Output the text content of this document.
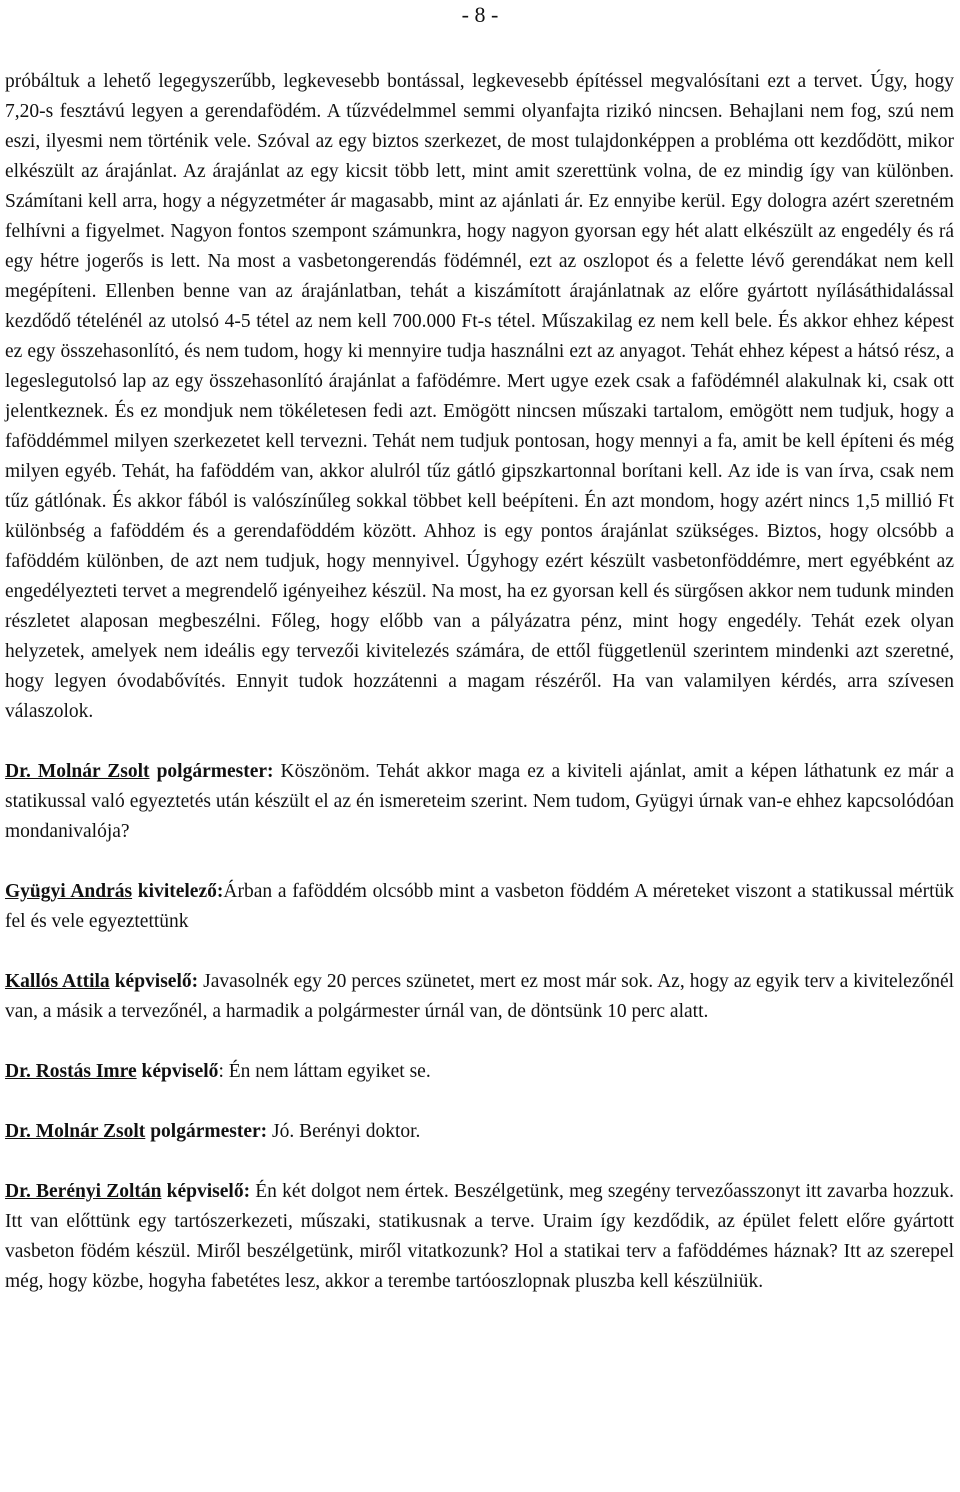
- 8 -

próbáltuk a lehető legegyszerűbb, legkevesebb bontással, legkevesebb építéssel megvalósítani ezt a tervet. Úgy, hogy 7,20-s fesztávú legyen a gerendafödém. A tűzvédelmmel semmi olyanfajta rizikó nincsen. Behajlani nem fog, szú nem eszi, ilyesmi nem történik vele. Szóval az egy biztos szerkezet, de most tulajdonképpen a probléma ott kezdődött, mikor elkészült az árajánlat. Az árajánlat az egy kicsit több lett, mint amit szerettünk volna, de ez mindig így van különben. Számítani kell arra, hogy a négyzetméter ár magasabb, mint az ajánlati ár. Ez ennyibe kerül. Egy dologra azért szeretném felhívni a figyelmet. Nagyon fontos szempont számunkra, hogy nagyon gyorsan egy hét alatt elkészült az engedély és rá egy hétre jogerős is lett. Na most a vasbetongerendás födémnél, ezt az oszlopot és a felette lévő gerendákat nem kell megépíteni. Ellenben benne van az árajánlatban, tehát a kiszámított árajánlatnak az előre gyártott nyílásáthidalással kezdődő tételénél az utolsó 4-5 tétel az nem kell 700.000 Ft-s tétel. Műszakilag ez nem kell bele. És akkor ehhez képest ez egy összehasonlító, és nem tudom, hogy ki mennyire tudja használni ezt az anyagot. Tehát ehhez képest a hátsó rész, a legeslegutolsó lap az egy összehasonlító árajánlat a fafödémre. Mert ugye ezek csak a fafödémnél alakulnak ki, csak ott jelentkeznek. És ez mondjuk nem tökéletesen fedi azt. Emögött nincsen műszaki tartalom, emögött nem tudjuk, hogy a faföddémmel milyen szerkezetet kell tervezni. Tehát nem tudjuk pontosan, hogy mennyi a fa, amit be kell építeni és még milyen egyéb. Tehát, ha faföddém van, akkor alulról tűz gátló gipszkartonnal borítani kell. Az ide is van írva, csak nem tűz gátlónak. És akkor fából is valószínűleg sokkal többet kell beépíteni. Én azt mondom, hogy azért nincs 1,5 millió Ft különbség a faföddém és a gerendaföddém között. Ahhoz is egy pontos árajánlat szükséges. Biztos, hogy olcsóbb a faföddém különben, de azt nem tudjuk, hogy mennyivel. Úgyhogy ezért készült vasbetonföddémre, mert egyébként az engedélyezteti tervet a megrendelő igényeihez készül. Na most, ha ez gyorsan kell és sürgősen akkor nem tudunk minden részletet alaposan megbeszélni. Főleg, hogy előbb van a pályázatra pénz, mint hogy engedély. Tehát ezek olyan helyzetek, amelyek nem ideális egy tervezői kivitelezés számára, de ettől függetlenül szerintem mindenki azt szeretné, hogy legyen óvodabővítés. Ennyit tudok hozzátenni a magam részéről. Ha van valamilyen kérdés, arra szívesen válaszolok.

Dr. Molnár Zsolt polgármester: Köszönöm. Tehát akkor maga ez a kiviteli ajánlat, amit a képen láthatunk ez már a statikussal való egyeztetés után készült el az én ismereteim szerint. Nem tudom, Gyügyi úrnak van-e ehhez kapcsolódóan mondanivalója?

Gyügyi András kivitelező:Árban a faföddém olcsóbb mint a vasbeton föddém A méreteket viszont a statikussal mértük fel és vele egyeztettünk

Kallós Attila képviselő: Javasolnék egy 20 perces szünetet, mert ez most már sok. Az, hogy az egyik terv a kivitelezőnél van, a másik a tervezőnél, a harmadik a polgármester úrnál van, de döntsünk 10 perc alatt.

Dr. Rostás Imre képviselő: Én nem láttam egyiket se.

Dr. Molnár Zsolt polgármester: Jó. Berényi doktor.

Dr. Berényi Zoltán képviselő: Én két dolgot nem értek. Beszélgetünk, meg szegény tervezőasszonyt itt zavarba hozzuk. Itt van előttünk egy tartószerkezeti, műszaki, statikusnak a terve. Uraim így kezdődik, az épület felett előre gyártott vasbeton födém készül. Miről beszélgetünk, miről vitatkozunk? Hol a statikai terv a faföddémes háznak? Itt az szerepel még, hogy közbe, hogyha fabetétes lesz, akkor a terembe tartóoszlopnak pluszba kell készülniük.
